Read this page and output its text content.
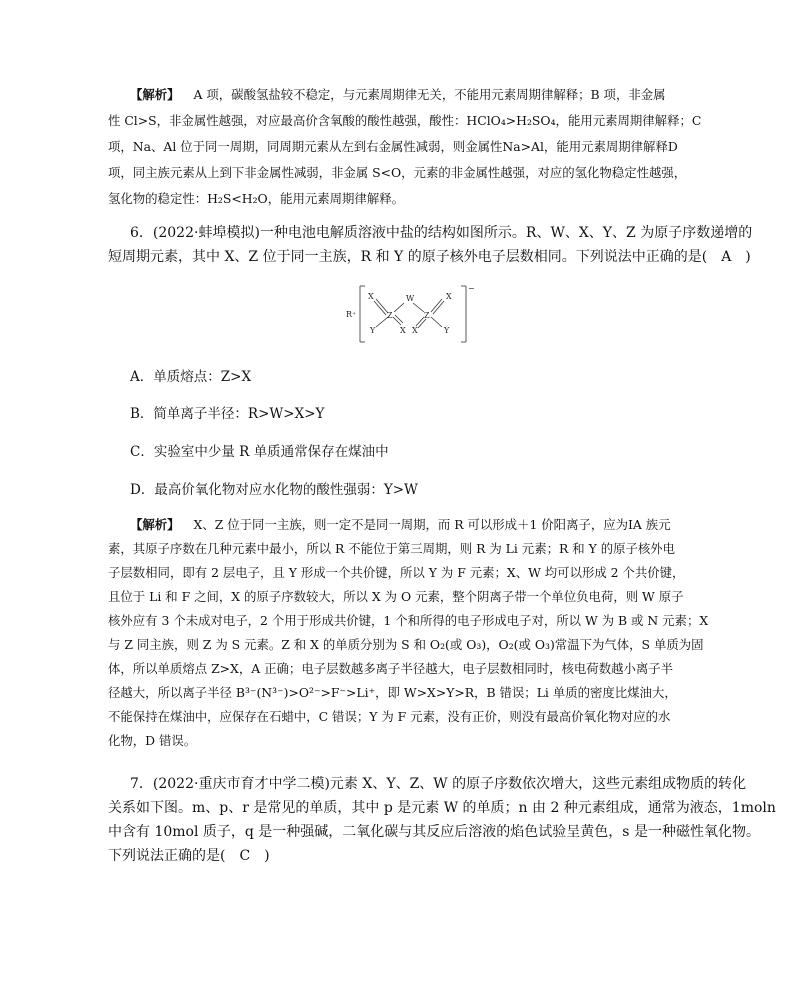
【解析】 A 项，碳酸氢盐较不稳定，与元素周期律无关，不能用元素周期律解释；B 项，非金属
性 Cl>S，非金属性越强，对应最高价含氧酸的酸性越强，酸性：HClO₄>H₂SO₄，能用元素周期律解释；C
项，Na、Al 位于同一周期，同周期元素从左到右金属性减弱，则金属性Na>Al，能用元素周期律解释D
项，同主族元素从上到下非金属性减弱，非金属 S<O，元素的非金属性越强，对应的氢化物稳定性越强，
氢化物的稳定性：H₂S<H₂O，能用元素周期律解释。
6．(2022·蚌埠模拟)一种电池电解质溶液中盐的结构如图所示。R、W、X、Y、Z 为原子序数递增的
短周期元素，其中 X、Z 位于同一主族，R 和 Y 的原子核外电子层数相同。下列说法中正确的是(　A　)
R⁺
X	X
Z	Z
W
X X
Y	Y
−
A．单质熔点：Z>X
B．简单离子半径：R>W>X>Y
C．实验室中少量 R 单质通常保存在煤油中
D．最高价氧化物对应水化物的酸性强弱：Y>W
【解析】 X、Z 位于同一主族，则一定不是同一周期，而 R 可以形成＋1 价阳离子，应为ⅠA 族元
素，其原子序数在几种元素中最小，所以 R 不能位于第三周期，则 R 为 Li 元素；R 和 Y 的原子核外电
子层数相同，即有 2 层电子，且 Y 形成一个共价键，所以 Y 为 F 元素；X、W 均可以形成 2 个共价键，
且位于 Li 和 F 之间，X 的原子序数较大，所以 X 为 O 元素，整个阴离子带一个单位负电荷，则 W 原子
核外应有 3 个未成对电子，2 个用于形成共价键，1 个和所得的电子形成电子对，所以 W 为 B 或 N 元素；X
与 Z 同主族，则 Z 为 S 元素。Z 和 X 的单质分别为 S 和 O₂(或 O₃)，O₂(或 O₃)常温下为气体，S 单质为固
体，所以单质熔点 Z>X，A 正确；电子层数越多离子半径越大，电子层数相同时，核电荷数越小离子半
径越大，所以离子半径 B³⁻(N³⁻)>O²⁻>F⁻>Li⁺，即 W>X>Y>R，B 错误；Li 单质的密度比煤油大，
不能保持在煤油中，应保存在石蜡中，C 错误；Y 为 F 元素，没有正价，则没有最高价氧化物对应的水
化物，D 错误。
7．(2022·重庆市育才中学二模)元素 X、Y、Z、W 的原子序数依次增大，这些元素组成物质的转化
关系如下图。m、p、r 是常见的单质，其中 p 是元素 W 的单质；n 由 2 种元素组成，通常为液态，1moln
中含有 10mol 质子，q 是一种强碱，二氧化碳与其反应后溶液的焰色试验呈黄色，s 是一种磁性氧化物。
下列说法正确的是(　C　)
